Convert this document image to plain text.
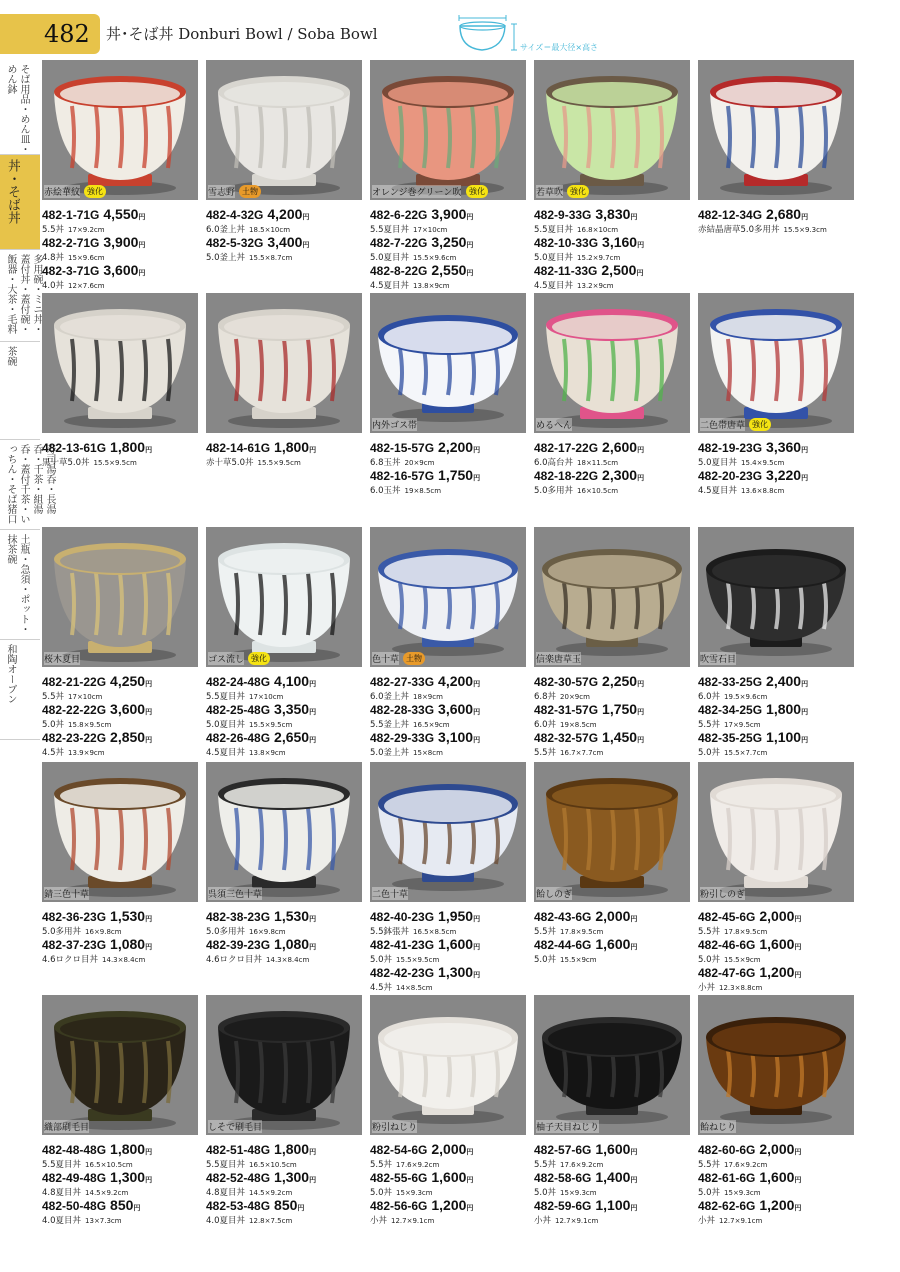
482	丼･そば丼 Donburi Bowl / Soba Bowl
サイズ＝最大径×高さ
そば用品・めん皿・めん鉢
丼・そば丼
多用碗・ミニ丼・蓋付丼・蓋付碗・飯器・大茶・毛料
茶碗
寿司湯呑・長湯呑・千茶・組湯呑・蓋付千茶・いっちん・そば猪口
土瓶・急須・ポット・抹茶碗
和陶オーブン
赤絵華紋 強化
482-1-71G 4,550円
5.5丼 17×9.2cm
482-2-71G 3,900円
4.8丼 15×9.6cm
482-3-71G 3,600円
4.0丼 12×7.6cm
雪志野 土物
482-4-32G 4,200円
6.0釜上丼 18.5×10cm
482-5-32G 3,400円
5.0釜上丼 15.5×8.7cm
オレンジ巻グリーン吹 強化
482-6-22G 3,900円
5.5夏目丼 17×10cm
482-7-22G 3,250円
5.0夏目丼 15.5×9.6cm
482-8-22G 2,550円
4.5夏目丼 13.8×9cm
若草吹 強化
482-9-33G 3,830円
5.5夏目丼 16.8×10cm
482-10-33G 3,160円
5.0夏目丼 15.2×9.7cm
482-11-33G 2,500円
4.5夏目丼 13.2×9cm
482-12-34G 2,680円
赤結晶唐草5.0多用丼 15.5×9.3cm
482-13-61G 1,800円
黒十草5.0丼 15.5×9.5cm
482-14-61G 1,800円
赤十草5.0丼 15.5×9.5cm
内外ゴス帯
482-15-57G 2,200円
6.8玉丼 20×9cm
482-16-57G 1,750円
6.0玉丼 19×8.5cm
めるへん
482-17-22G 2,600円
6.0高台丼 18×11.5cm
482-18-22G 2,300円
5.0多用丼 16×10.5cm
二色帯唐草 強化
482-19-23G 3,360円
5.0夏目丼 15.4×9.5cm
482-20-23G 3,220円
4.5夏目丼 13.6×8.8cm
桜木夏目
482-21-22G 4,250円
5.5丼 17×10cm
482-22-22G 3,600円
5.0丼 15.8×9.5cm
482-23-22G 2,850円
4.5丼 13.9×9cm
ゴス流し 強化
482-24-48G 4,100円
5.5夏目丼 17×10cm
482-25-48G 3,350円
5.0夏目丼 15.5×9.5cm
482-26-48G 2,650円
4.5夏目丼 13.8×9cm
色十草 土物
482-27-33G 4,200円
6.0釜上丼 18×9cm
482-28-33G 3,600円
5.5釜上丼 16.5×9cm
482-29-33G 3,100円
5.0釜上丼 15×8cm
信楽唐草玉
482-30-57G 2,250円
6.8丼 20×9cm
482-31-57G 1,750円
6.0丼 19×8.5cm
482-32-57G 1,450円
5.5丼 16.7×7.7cm
吹雪石目
482-33-25G 2,400円
6.0丼 19.5×9.6cm
482-34-25G 1,800円
5.5丼 17×9.5cm
482-35-25G 1,100円
5.0丼 15.5×7.7cm
錆三色十草
482-36-23G 1,530円
5.0多用丼 16×9.8cm
482-37-23G 1,080円
4.6ロクロ目丼 14.3×8.4cm
呉須三色十草
482-38-23G 1,530円
5.0多用丼 16×9.8cm
482-39-23G 1,080円
4.6ロクロ目丼 14.3×8.4cm
二色十草
482-40-23G 1,950円
5.5鉢張丼 16.5×8.5cm
482-41-23G 1,600円
5.0丼 15.5×9.5cm
482-42-23G 1,300円
4.5丼 14×8.5cm
飴しのぎ
482-43-6G 2,000円
5.5丼 17.8×9.5cm
482-44-6G 1,600円
5.0丼 15.5×9cm
粉引しのぎ
482-45-6G 2,000円
5.5丼 17.8×9.5cm
482-46-6G 1,600円
5.0丼 15.5×9cm
482-47-6G 1,200円
小丼 12.3×8.8cm
織部刷毛目
482-48-48G 1,800円
5.5夏目丼 16.5×10.5cm
482-49-48G 1,300円
4.8夏目丼 14.5×9.2cm
482-50-48G 850円
4.0夏目丼 13×7.3cm
しそで刷毛目
482-51-48G 1,800円
5.5夏目丼 16.5×10.5cm
482-52-48G 1,300円
4.8夏目丼 14.5×9.2cm
482-53-48G 850円
4.0夏目丼 12.8×7.5cm
粉引ねじり
482-54-6G 2,000円
5.5丼 17.6×9.2cm
482-55-6G 1,600円
5.0丼 15×9.3cm
482-56-6G 1,200円
小丼 12.7×9.1cm
柚子天目ねじり
482-57-6G 1,600円
5.5丼 17.6×9.2cm
482-58-6G 1,400円
5.0丼 15×9.3cm
482-59-6G 1,100円
小丼 12.7×9.1cm
飴ねじり
482-60-6G 2,000円
5.5丼 17.6×9.2cm
482-61-6G 1,600円
5.0丼 15×9.3cm
482-62-6G 1,200円
小丼 12.7×9.1cm
